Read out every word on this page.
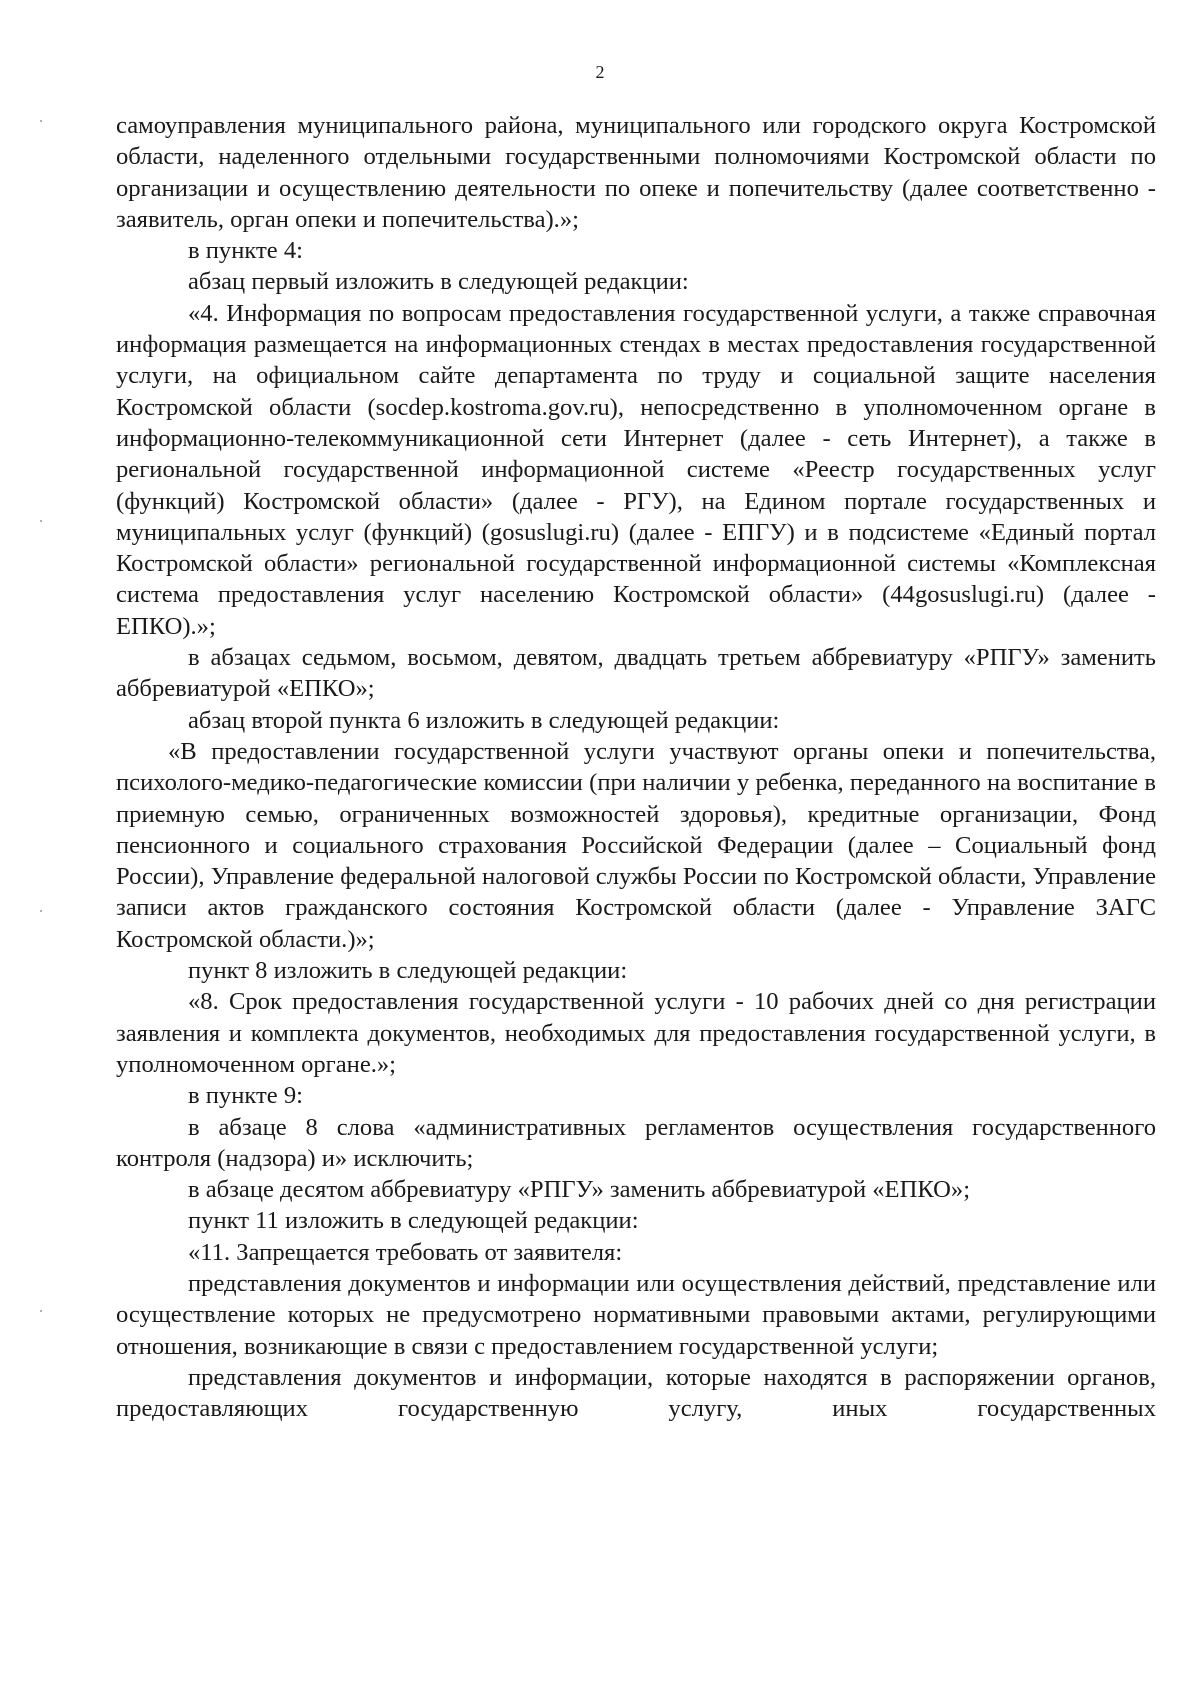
2

самоуправления муниципального района, муниципального или городского округа Костромской области, наделенного отдельными государственными полномочиями Костромской области по организации и осуществлению деятельности по опеке и попечительству (далее соответственно - заявитель, орган опеки и попечительства).»;

в пункте 4:

абзац первый изложить в следующей редакции:

«4. Информация по вопросам предоставления государственной услуги, а также справочная информация размещается на информационных стендах в местах предоставления государственной услуги, на официальном сайте департамента по труду и социальной защите населения Костромской области (socdep.kostroma.gov.ru), непосредственно в уполномоченном органе в информационно-телекоммуникационной сети Интернет (далее - сеть Интернет), а также в региональной государственной информационной системе «Реестр государственных услуг (функций) Костромской области» (далее - РГУ), на Едином портале государственных и муниципальных услуг (функций) (gosuslugi.ru) (далее - ЕПГУ) и в подсистеме «Единый портал Костромской области» региональной государственной информационной системы «Комплексная система предоставления услуг населению Костромской области» (44gosuslugi.ru) (далее - ЕПКО).»;

в абзацах седьмом, восьмом, девятом, двадцать третьем аббревиатуру «РПГУ» заменить аббревиатурой «ЕПКО»;

абзац второй пункта 6 изложить в следующей редакции:

«В предоставлении государственной услуги участвуют органы опеки и попечительства, психолого-медико-педагогические комиссии (при наличии у ребенка, переданного на воспитание в приемную семью, ограниченных возможностей здоровья), кредитные организации, Фонд пенсионного и социального страхования Российской Федерации (далее – Социальный фонд России), Управление федеральной налоговой службы России по Костромской области, Управление записи актов гражданского состояния Костромской области (далее - Управление ЗАГС Костромской области.)»;

пункт 8 изложить в следующей редакции:

«8. Срок предоставления государственной услуги - 10 рабочих дней со дня регистрации заявления и комплекта документов, необходимых для предоставления государственной услуги, в уполномоченном органе.»;

в пункте 9:

в абзаце 8 слова «административных регламентов осуществления государственного контроля (надзора) и» исключить;

в абзаце десятом аббревиатуру «РПГУ» заменить аббревиатурой «ЕПКО»;

пункт 11 изложить в следующей редакции:

«11. Запрещается требовать от заявителя:

представления документов и информации или осуществления действий, представление или осуществление которых не предусмотрено нормативными правовыми актами, регулирующими отношения, возникающие в связи с предоставлением государственной услуги;

представления документов и информации, которые находятся в распоряжении органов, предоставляющих государственную услугу, иных государственных
